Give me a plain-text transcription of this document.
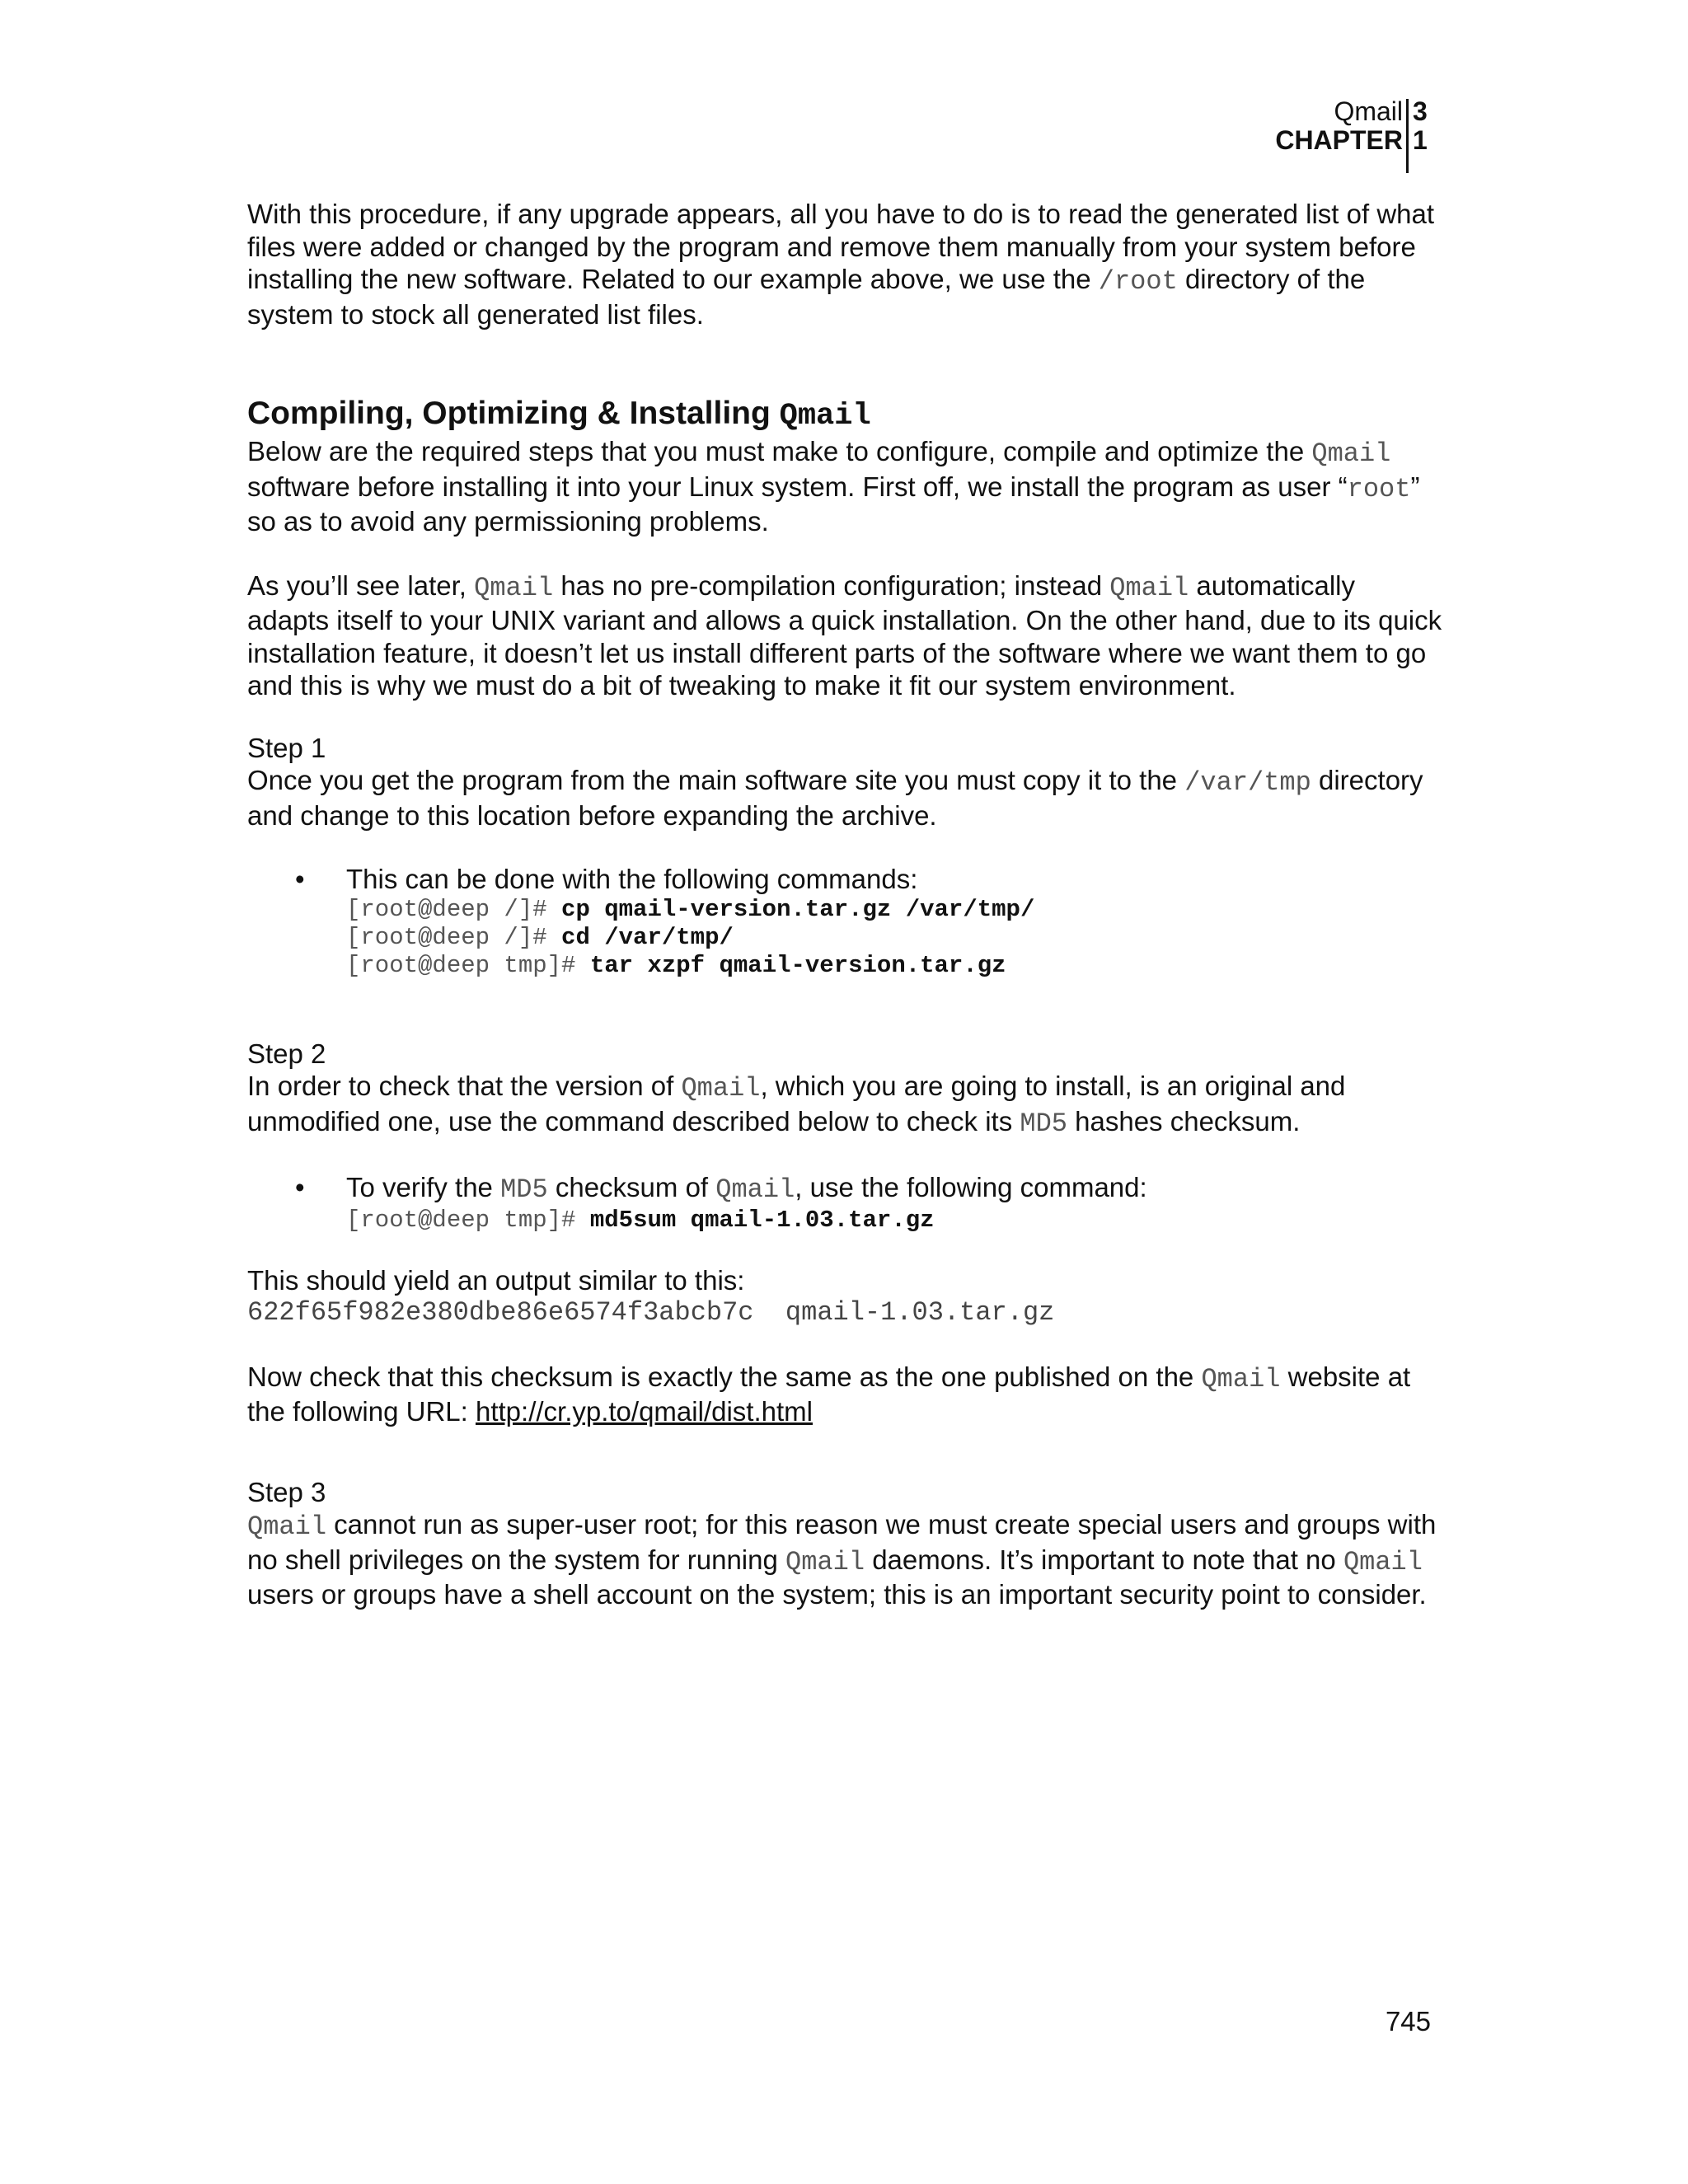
Qmail
CHAPTER
3
1

With this procedure, if any upgrade appears, all you have to do is to read the generated list of what files were added or changed by the program and remove them manually from your system before installing the new software. Related to our example above, we use the /root directory of the system to stock all generated list files.

Compiling, Optimizing & Installing Qmail

Below are the required steps that you must make to configure, compile and optimize the Qmail software before installing it into your Linux system. First off, we install the program as user “root” so as to avoid any permissioning problems.

As you’ll see later, Qmail has no pre-compilation configuration; instead Qmail automatically adapts itself to your UNIX variant and allows a quick installation. On the other hand, due to its quick installation feature, it doesn’t let us install different parts of the software where we want them to go and this is why we must do a bit of tweaking to make it fit our system environment.

Step 1

Once you get the program from the main software site you must copy it to the /var/tmp directory and change to this location before expanding the archive.

• This can be done with the following commands:
[root@deep /]# cp qmail-version.tar.gz /var/tmp/
[root@deep /]# cd /var/tmp/
[root@deep tmp]# tar xzpf qmail-version.tar.gz

Step 2

In order to check that the version of Qmail, which you are going to install, is an original and unmodified one, use the command described below to check its MD5 hashes checksum.

• To verify the MD5 checksum of Qmail, use the following command:
[root@deep tmp]# md5sum qmail-1.03.tar.gz

This should yield an output similar to this:

622f65f982e380dbe86e6574f3abcb7c  qmail-1.03.tar.gz

Now check that this checksum is exactly the same as the one published on the Qmail website at the following URL: http://cr.yp.to/qmail/dist.html

Step 3

Qmail cannot run as super-user root; for this reason we must create special users and groups with no shell privileges on the system for running Qmail daemons. It’s important to note that no Qmail users or groups have a shell account on the system; this is an important security point to consider.

745
